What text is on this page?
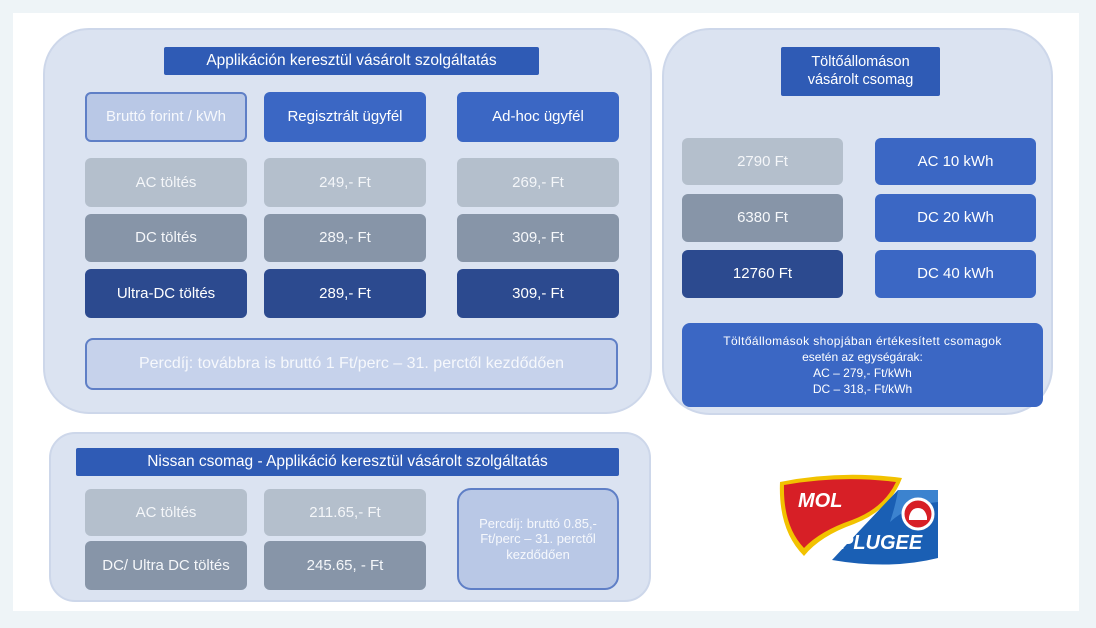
Applikáción keresztül vásárolt szolgáltatás
Bruttó forint / kWh	Regisztrált ügyfél	Ad-hoc ügyfél
AC töltés	249,- Ft	269,- Ft
DC töltés	289,- Ft	309,- Ft
Ultra-DC töltés	289,- Ft	309,- Ft
Percdíj: továbbra is bruttó 1 Ft/perc – 31. perctől kezdődően
Töltőállomáson vásárolt csomag
2790 Ft	AC 10 kWh
6380 Ft	DC 20 kWh
12760 Ft	DC 40 kWh
Töltőállomások shopjában értékesített csomagok
esetén az egységárak:
AC – 279,- Ft/kWh
DC – 318,- Ft/kWh
Nissan csomag - Applikáció keresztül vásárolt szolgáltatás
AC töltés	211.65,- Ft
DC/ Ultra DC töltés	245.65, - Ft
Percdíj: bruttó 0.85,- Ft/perc – 31. perctől kezdődően
MOL
PLUGEE
